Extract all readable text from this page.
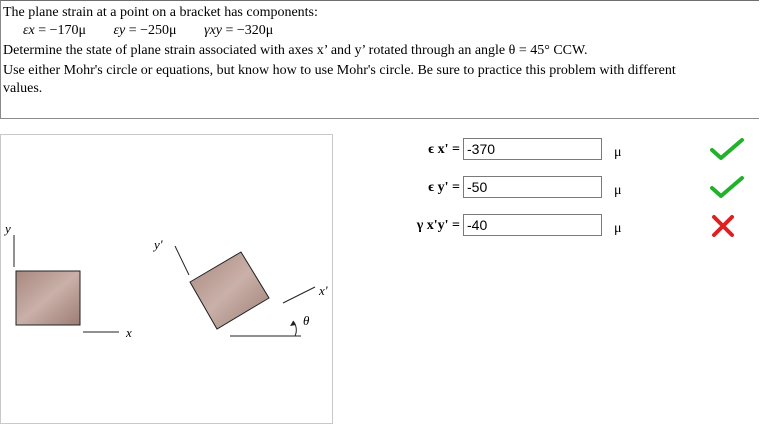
The plane strain at a point on a bracket has components:
εx = −170μ εy = −250μ γxy = −320μ
Determine the state of plane strain associated with axes x’ and y’ rotated through an angle θ = 45° CCW.
Use either Mohr's circle or equations, but know how to use Mohr's circle. Be sure to practice this problem with different
values.
y
x
y'
x'
θ
ϵ x' =
-370	μ
ϵ y' =
-50	μ
γ x'y' =
-40	μ
